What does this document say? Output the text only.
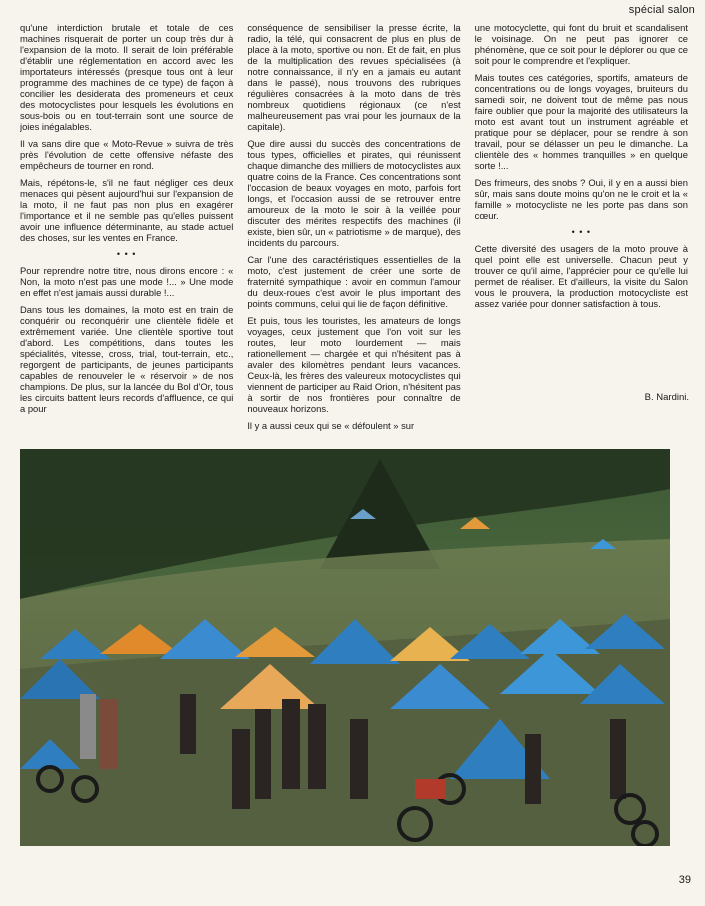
spécial salon

qu'une interdiction brutale et totale de ces machines risquerait de porter un coup très dur à l'expansion de la moto. Il serait de loin préférable d'établir une réglementation en accord avec les importateurs intéressés (presque tous ont à leur programme des machines de ce type) de façon à concilier les desiderata des promeneurs et ceux des motocyclistes pour lesquels les évolutions en sous-bois ou en tout-terrain sont une source de joies inégalables.

Il va sans dire que « Moto-Revue » suivra de très près l'évolution de cette offensive néfaste des empêcheurs de tourner en rond.

Mais, répétons-le, s'il ne faut négliger ces deux menaces qui pèsent aujourd'hui sur l'expansion de la moto, il ne faut pas non plus en exagérer l'importance et il ne semble pas qu'elles puissent avoir une influence déterminante, au stade actuel des choses, sur les ventes en France.

• • •

Pour reprendre notre titre, nous dirons encore : « Non, la moto n'est pas une mode !... » Une mode en effet n'est jamais aussi durable !...

Dans tous les domaines, la moto est en train de conquérir ou reconquérir une clientèle fidèle et extrêmement variée. Une clientèle sportive tout d'abord. Les compétitions, dans toutes les spécialités, vitesse, cross, trial, tout-terrain, etc., regorgent de participants, de jeunes participants capables de renouveler le « réservoir » de nos champions. De plus, sur la lancée du Bol d'Or, tous les circuits battent leurs records d'affluence, ce qui a pour

conséquence de sensibiliser la presse écrite, la radio, la télé, qui consacrent de plus en plus de place à la moto, sportive ou non. Et de fait, en plus de la multiplication des revues spécialisées (à notre connaissance, il n'y en a jamais eu autant dans le passé), nous trouvons des rubriques régulières consacrées à la moto dans de très nombreux quotidiens régionaux (ce n'est malheureusement pas vrai pour les journaux de la capitale).

Que dire aussi du succès des concentrations de tous types, officielles et pirates, qui réunissent chaque dimanche des milliers de motocyclistes aux quatre coins de la France. Ces concentrations sont l'occasion de beaux voyages en moto, parfois fort longs, et l'occasion aussi de se retrouver entre amoureux de la moto le soir à la veillée pour discuter des mérites respectifs des machines (il existe, bien sûr, un « patriotisme » de marque), des incidents du parcours.

Car l'une des caractéristiques essentielles de la moto, c'est justement de créer une sorte de fraternité sympathique : avoir en commun l'amour du deux-roues c'est avoir le plus important des points communs, celui qui lie de façon définitive.

Et puis, tous les touristes, les amateurs de longs voyages, ceux justement que l'on voit sur les routes, leur moto lourdement — mais rationellement — chargée et qui n'hésitent pas à avaler des kilomètres pendant leurs vacances. Ceux-là, les frères des valeureux motocyclistes qui viennent de participer au Raid Orion, n'hésitent pas à sortir de nos frontières pour connaître de nouveaux horizons.

Il y a aussi ceux qui se « défoulent » sur

une motocyclette, qui font du bruit et scandalisent le voisinage. On ne peut pas ignorer ce phénomène, que ce soit pour le déplorer ou que ce soit pour le comprendre et l'expliquer.

Mais toutes ces catégories, sportifs, amateurs de concentrations ou de longs voyages, bruiteurs du samedi soir, ne doivent tout de même pas nous faire oublier que pour la majorité des utilisateurs la moto est avant tout un instrument agréable et pratique pour se déplacer, pour se rendre à son travail, pour se délasser un peu le dimanche. La clientèle des « hommes tranquilles » en quelque sorte !...

Des frimeurs, des snobs ? Oui, il y en a aussi bien sûr, mais sans doute moins qu'on ne le croit et la « famille » motocycliste ne les porte pas dans son cœur.

• • •

Cette diversité des usagers de la moto prouve à quel point elle est universelle. Chacun peut y trouver ce qu'il aime, l'apprécier pour ce qu'elle lui permet de réaliser. Et d'ailleurs, la visite du Salon vous le prouvera, la production motocycliste est assez variée pour donner satisfaction à tous.

B. Nardini.
39
